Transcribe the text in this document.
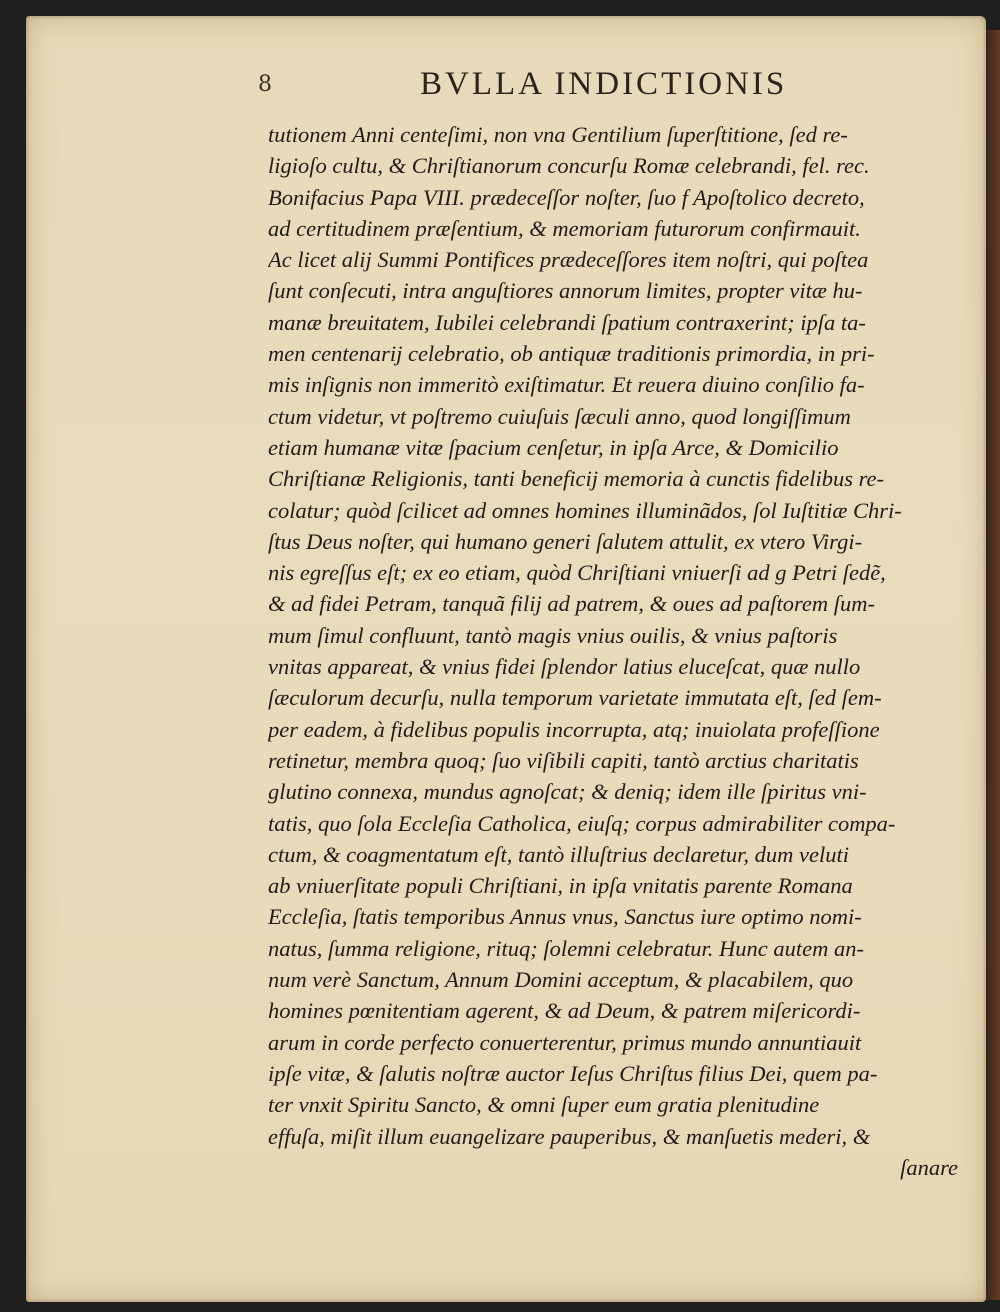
8	BVLLA INDICTIONIS
tutionem Anni centeſimi, non vna Gentilium ſuperſtitione, ſed re-
ligioſo cultu, & Chriſtianorum concurſu Romæ celebrandi, fel. rec.
Bonifacius Papa VIII. prædeceſſor noſter, ſuo f Apoſtolico decreto,
ad certitudinem præſentium, & memoriam futurorum confirmauit.
Ac licet alij Summi Pontifices prædeceſſores item noſtri, qui poſtea
ſunt conſecuti, intra anguſtiores annorum limites, propter vitæ hu-
manæ breuitatem, Iubilei celebrandi ſpatium contraxerint; ipſa ta-
men centenarij celebratio, ob antiquæ traditionis primordia, in pri-
mis inſignis non immeritò exiſtimatur. Et reuera diuino conſilio fa-
ctum videtur, vt poſtremo cuiuſuis ſæculi anno, quod longiſſimum
etiam humanæ vitæ ſpacium cenſetur, in ipſa Arce, & Domicilio
Chriſtianæ Religionis, tanti beneficij memoria à cunctis fidelibus re-
colatur; quòd ſcilicet ad omnes homines illuminãdos, ſol Iuſtitiæ Chri-
ſtus Deus noſter, qui humano generi ſalutem attulit, ex vtero Virgi-
nis egreſſus eſt; ex eo etiam, quòd Chriſtiani vniuerſi ad g Petri ſedẽ,
& ad fidei Petram, tanquã filij ad patrem, & oues ad paſtorem ſum-
mum ſimul confluunt, tantò magis vnius ouilis, & vnius paſtoris
vnitas appareat, & vnius fidei ſplendor latius eluceſcat, quæ nullo
ſæculorum decurſu, nulla temporum varietate immutata eſt, ſed ſem-
per eadem, à fidelibus populis incorrupta, atq; inuiolata profeſſione
retinetur, membra quoq; ſuo viſibili capiti, tantò arctius charitatis
glutino connexa, mundus agnoſcat; & deniq; idem ille ſpiritus vni-
tatis, quo ſola Eccleſia Catholica, eiuſq; corpus admirabiliter compa-
ctum, & coagmentatum eſt, tantò illuſtrius declaretur, dum veluti
ab vniuerſitate populi Chriſtiani, in ipſa vnitatis parente Romana
Eccleſia, ſtatis temporibus Annus vnus, Sanctus iure optimo nomi-
natus, ſumma religione, rituq; ſolemni celebratur. Hunc autem an-
num verè Sanctum, Annum Domini acceptum, & placabilem, quo
homines pœnitentiam agerent, & ad Deum, & patrem miſericordi-
arum in corde perfecto conuerterentur, primus mundo annuntiauit
ipſe vitæ, & ſalutis noſtræ auctor Ieſus Chriſtus filius Dei, quem pa-
ter vnxit Spiritu Sancto, & omni ſuper eum gratia plenitudine
effuſa, miſit illum euangelizare pauperibus, & manſuetis mederi, &
ſanare
